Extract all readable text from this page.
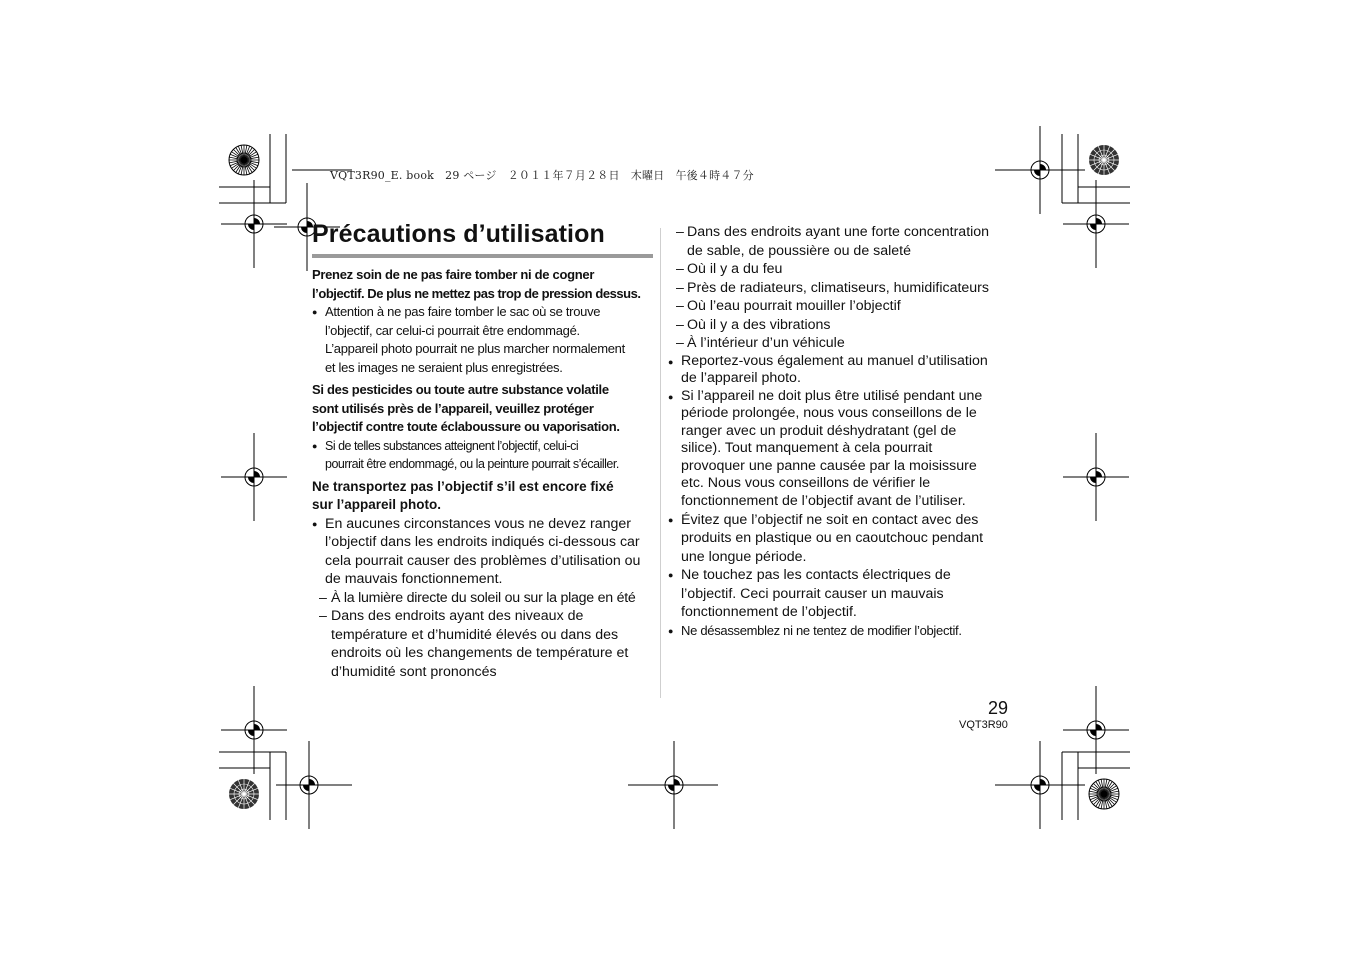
VQT3R90_E. book   29 ページ   ２０１１年７月２８日   木曜日   午後４時４７分
Précautions d’utilisation
Prenez soin de ne pas faire tomber ni de cogner
l’objectif. De plus ne mettez pas trop de pression dessus.
● Attention à ne pas faire tomber le sac où se trouve
l’objectif, car celui-ci pourrait être endommagé.
L’appareil photo pourrait ne plus marcher normalement
et les images ne seraient plus enregistrées.
Si des pesticides ou toute autre substance volatile
sont utilisés près de l’appareil, veuillez protéger
l’objectif contre toute éclaboussure ou vaporisation.
● Si de telles substances atteignent l’objectif, celui-ci
pourrait être endommagé, ou la peinture pourrait s’écailler.
Ne transportez pas l’objectif s’il est encore fixé
sur l’appareil photo.
● En aucunes circonstances vous ne devez ranger
l’objectif dans les endroits indiqués ci-dessous car
cela pourrait causer des problèmes d’utilisation ou
de mauvais fonctionnement.
– À la lumière directe du soleil ou sur la plage en été
– Dans des endroits ayant des niveaux de
température et d’humidité élevés ou dans des
endroits où les changements de température et
d’humidité sont prononcés
– Dans des endroits ayant une forte concentration
de sable, de poussière ou de saleté
– Où il y a du feu
– Près de radiateurs, climatiseurs, humidificateurs
– Où l’eau pourrait mouiller l’objectif
– Où il y a des vibrations
– À l’intérieur d’un véhicule
● Reportez-vous également au manuel d’utilisation
de l’appareil photo.
● Si l’appareil ne doit plus être utilisé pendant une
période prolongée, nous vous conseillons de le
ranger avec un produit déshydratant (gel de
silice). Tout manquement à cela pourrait
provoquer une panne causée par la moisissure
etc. Nous vous conseillons de vérifier le
fonctionnement de l’objectif avant de l’utiliser.
● Évitez que l’objectif ne soit en contact avec des
produits en plastique ou en caoutchouc pendant
une longue période.
● Ne touchez pas les contacts électriques de
l’objectif. Ceci pourrait causer un mauvais
fonctionnement de l’objectif.
● Ne désassemblez ni ne tentez de modifier l’objectif.
29
VQT3R90
